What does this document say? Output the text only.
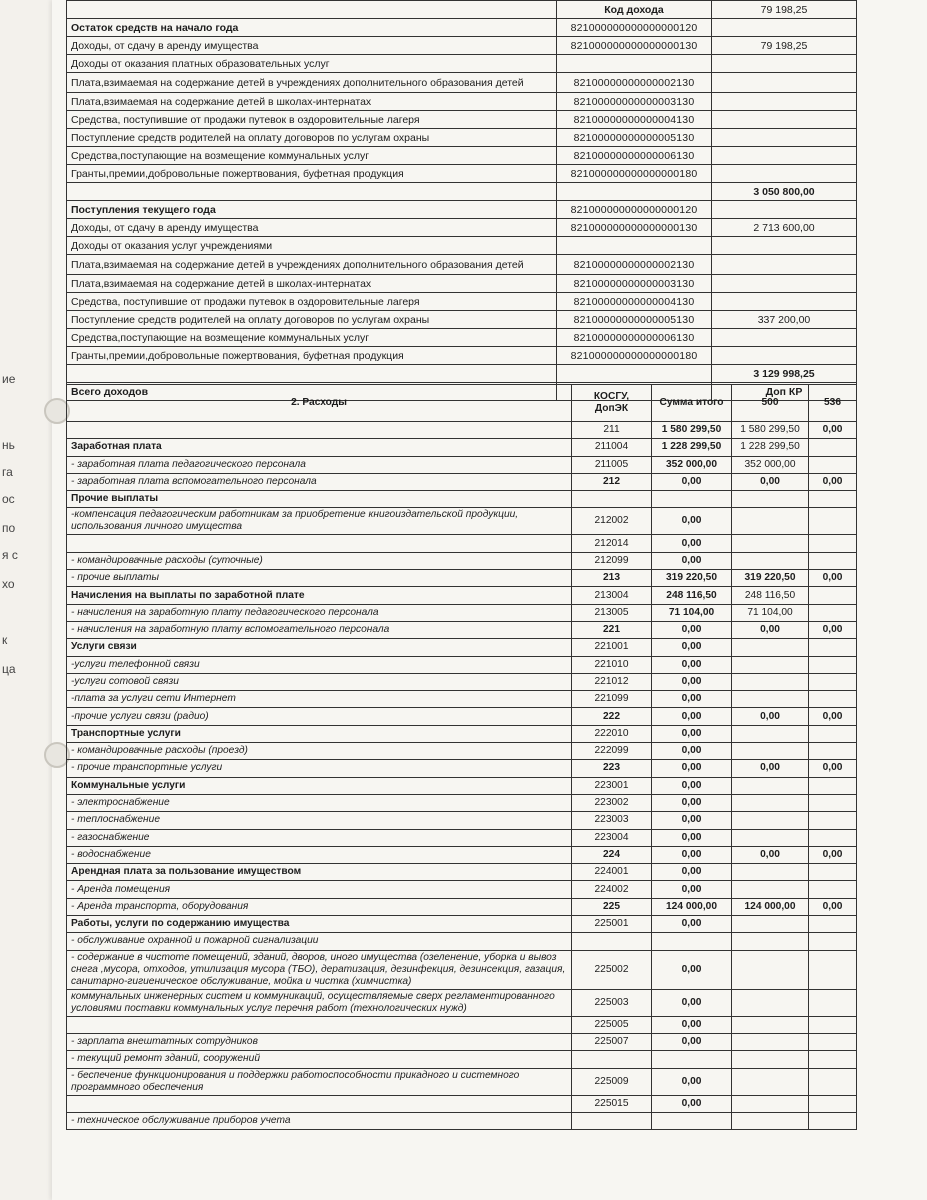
ие
нь
га
ос
по
я с
хо
к
ца
	Код дохода	79 198,25
Остаток средств на начало года	821000000000000000120	
Доходы, от сдачу в аренду имущества	821000000000000000130	79 198,25
Доходы от оказания платных образовательных услуг		
Плата,взимаемая на содержание детей в учреждениях дополнительного образования детей	82100000000000002130	
Плата,взимаемая на содержание детей в школах-интернатах	82100000000000003130	
Средства, поступившие от продажи путевок в оздоровительные лагеря	82100000000000004130	
Поступление средств родителей на оплату договоров по услугам охраны	82100000000000005130	
Средства,поступающие на возмещение коммунальных услуг	82100000000000006130	
Гранты,премии,добровольные пожертвования, буфетная продукция	821000000000000000180	
		3 050 800,00
Поступления текущего года	821000000000000000120	
Доходы, от сдачу в аренду имущества	821000000000000000130	2 713 600,00
Доходы от оказания услуг учреждениями		
Плата,взимаемая на содержание детей в учреждениях дополнительного образования детей	82100000000000002130	
Плата,взимаемая на содержание детей в школах-интернатах	82100000000000003130	
Средства, поступившие от продажи путевок в оздоровительные лагеря	82100000000000004130	
Поступление средств родителей на оплату договоров по услугам охраны	82100000000000005130	337 200,00
Средства,поступающие на возмещение коммунальных услуг	82100000000000006130	
Гранты,премии,добровольные пожертвования, буфетная продукция	821000000000000000180	
		3 129 998,25
Всего доходов		Доп КР
2. Расходы	КОСГУ, ДопЭК	Сумма итого	500	536
	211	1 580 299,50	1 580 299,50	0,00
Заработная плата	211004	1 228 299,50	1 228 299,50	
- заработная плата педагогического персонала	211005	352 000,00	352 000,00	
- заработная плата вспомогательного персонала	212	0,00	0,00	0,00
Прочие выплаты				
-компенсация педагогическим работникам за приобретение книгоиздательской продукции, использования личного имущества	212002	0,00		
	212014	0,00		
- командировачные расходы (суточные)	212099	0,00		
- прочие выплаты	213	319 220,50	319 220,50	0,00
Начисления на выплаты по заработной плате	213004	248 116,50	248 116,50	
- начисления на заработную плату педагогического персонала	213005	71 104,00	71 104,00	
- начисления на заработную плату вспомогательного персонала	221	0,00	0,00	0,00
Услуги связи	221001	0,00		
-услуги телефонной связи	221010	0,00		
-услуги сотовой связи	221012	0,00		
-плата за услуги сети Интернет	221099	0,00		
-прочие услуги связи (радио)	222	0,00	0,00	0,00
Транспортные услуги	222010	0,00		
- командировачные расходы (проезд)	222099	0,00		
- прочие транспортные услуги	223	0,00	0,00	0,00
Коммунальные услуги	223001	0,00		
- электроснабжение	223002	0,00		
- теплоснабжение	223003	0,00		
- газоснабжение	223004	0,00		
- водоснабжение	224	0,00	0,00	0,00
Арендная плата за пользование имуществом	224001	0,00		
- Аренда помещения	224002	0,00		
- Аренда транспорта, оборудования	225	124 000,00	124 000,00	0,00
Работы, услуги по содержанию имущества	225001	0,00		
- обслуживание охранной и пожарной сигнализации				
- содержание в чистоте помещений, зданий, дворов, иного имущества (озеленение, уборка и вывоз снега ,мусора, отходов, утилизация мусора (ТБО), дератизация, дезинфекция, дезинсекция, газация, санитарно-гигиеническое обслуживание, мойка и чистка (химчистка)	225002	0,00		
коммунальных инженерных систем и коммуникаций, осуществляемые сверх регламентированного условиями поставки коммунальных услуг перечня работ (технологических нужд)	225003	0,00		
	225005	0,00		
- зарплата внештатных сотрудников	225007	0,00		
- текущий ремонт зданий, сооружений				
- беспечение функционирования и поддержки работоспособности прикадного и системного программного обеспечения	225009	0,00		
	225015	0,00		
- техническое обслуживание приборов учета				
